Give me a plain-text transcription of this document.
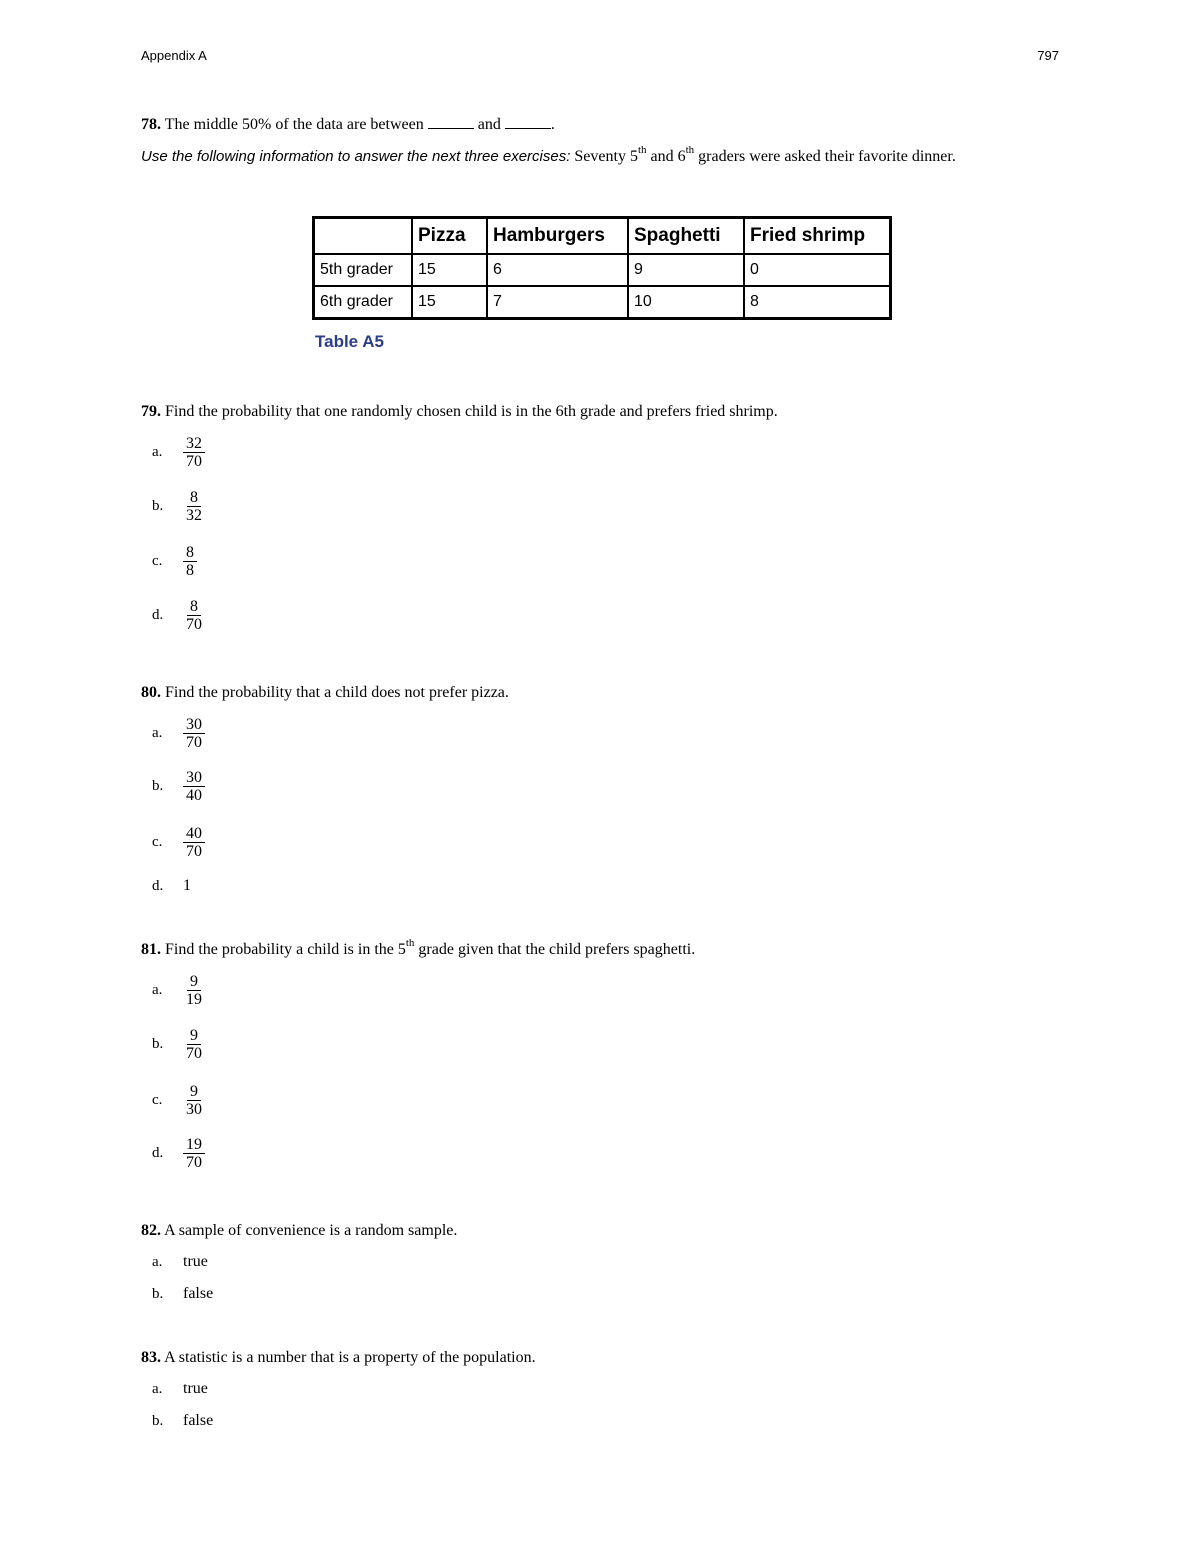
Appendix A	797
78. The middle 50% of the data are between	and	.
Use the following information to answer the next three exercises: Seventy 5th and 6th graders were asked their favorite dinner.
	Pizza	Hamburgers	Spaghetti	Fried shrimp
5th grader	15	6	9	0
6th grader	15	7	10	8
Table A5
79. Find the probability that one randomly chosen child is in the 6th grade and prefers fried shrimp.
a.	$\frac{32}{70}$
b.	$\frac{8}{32}$
c.	$\frac{8}{8}$
d.	$\frac{8}{70}$
80. Find the probability that a child does not prefer pizza.
a.	$\frac{30}{70}$
b.	$\frac{30}{40}$
c.	$\frac{40}{70}$
d.	1
81. Find the probability a child is in the 5th grade given that the child prefers spaghetti.
a.	$\frac{9}{19}$
b.	$\frac{9}{70}$
c.	$\frac{9}{30}$
d.	$\frac{19}{70}$
82. A sample of convenience is a random sample.
a.	true
b.	false
83. A statistic is a number that is a property of the population.
a.	true
b.	false
